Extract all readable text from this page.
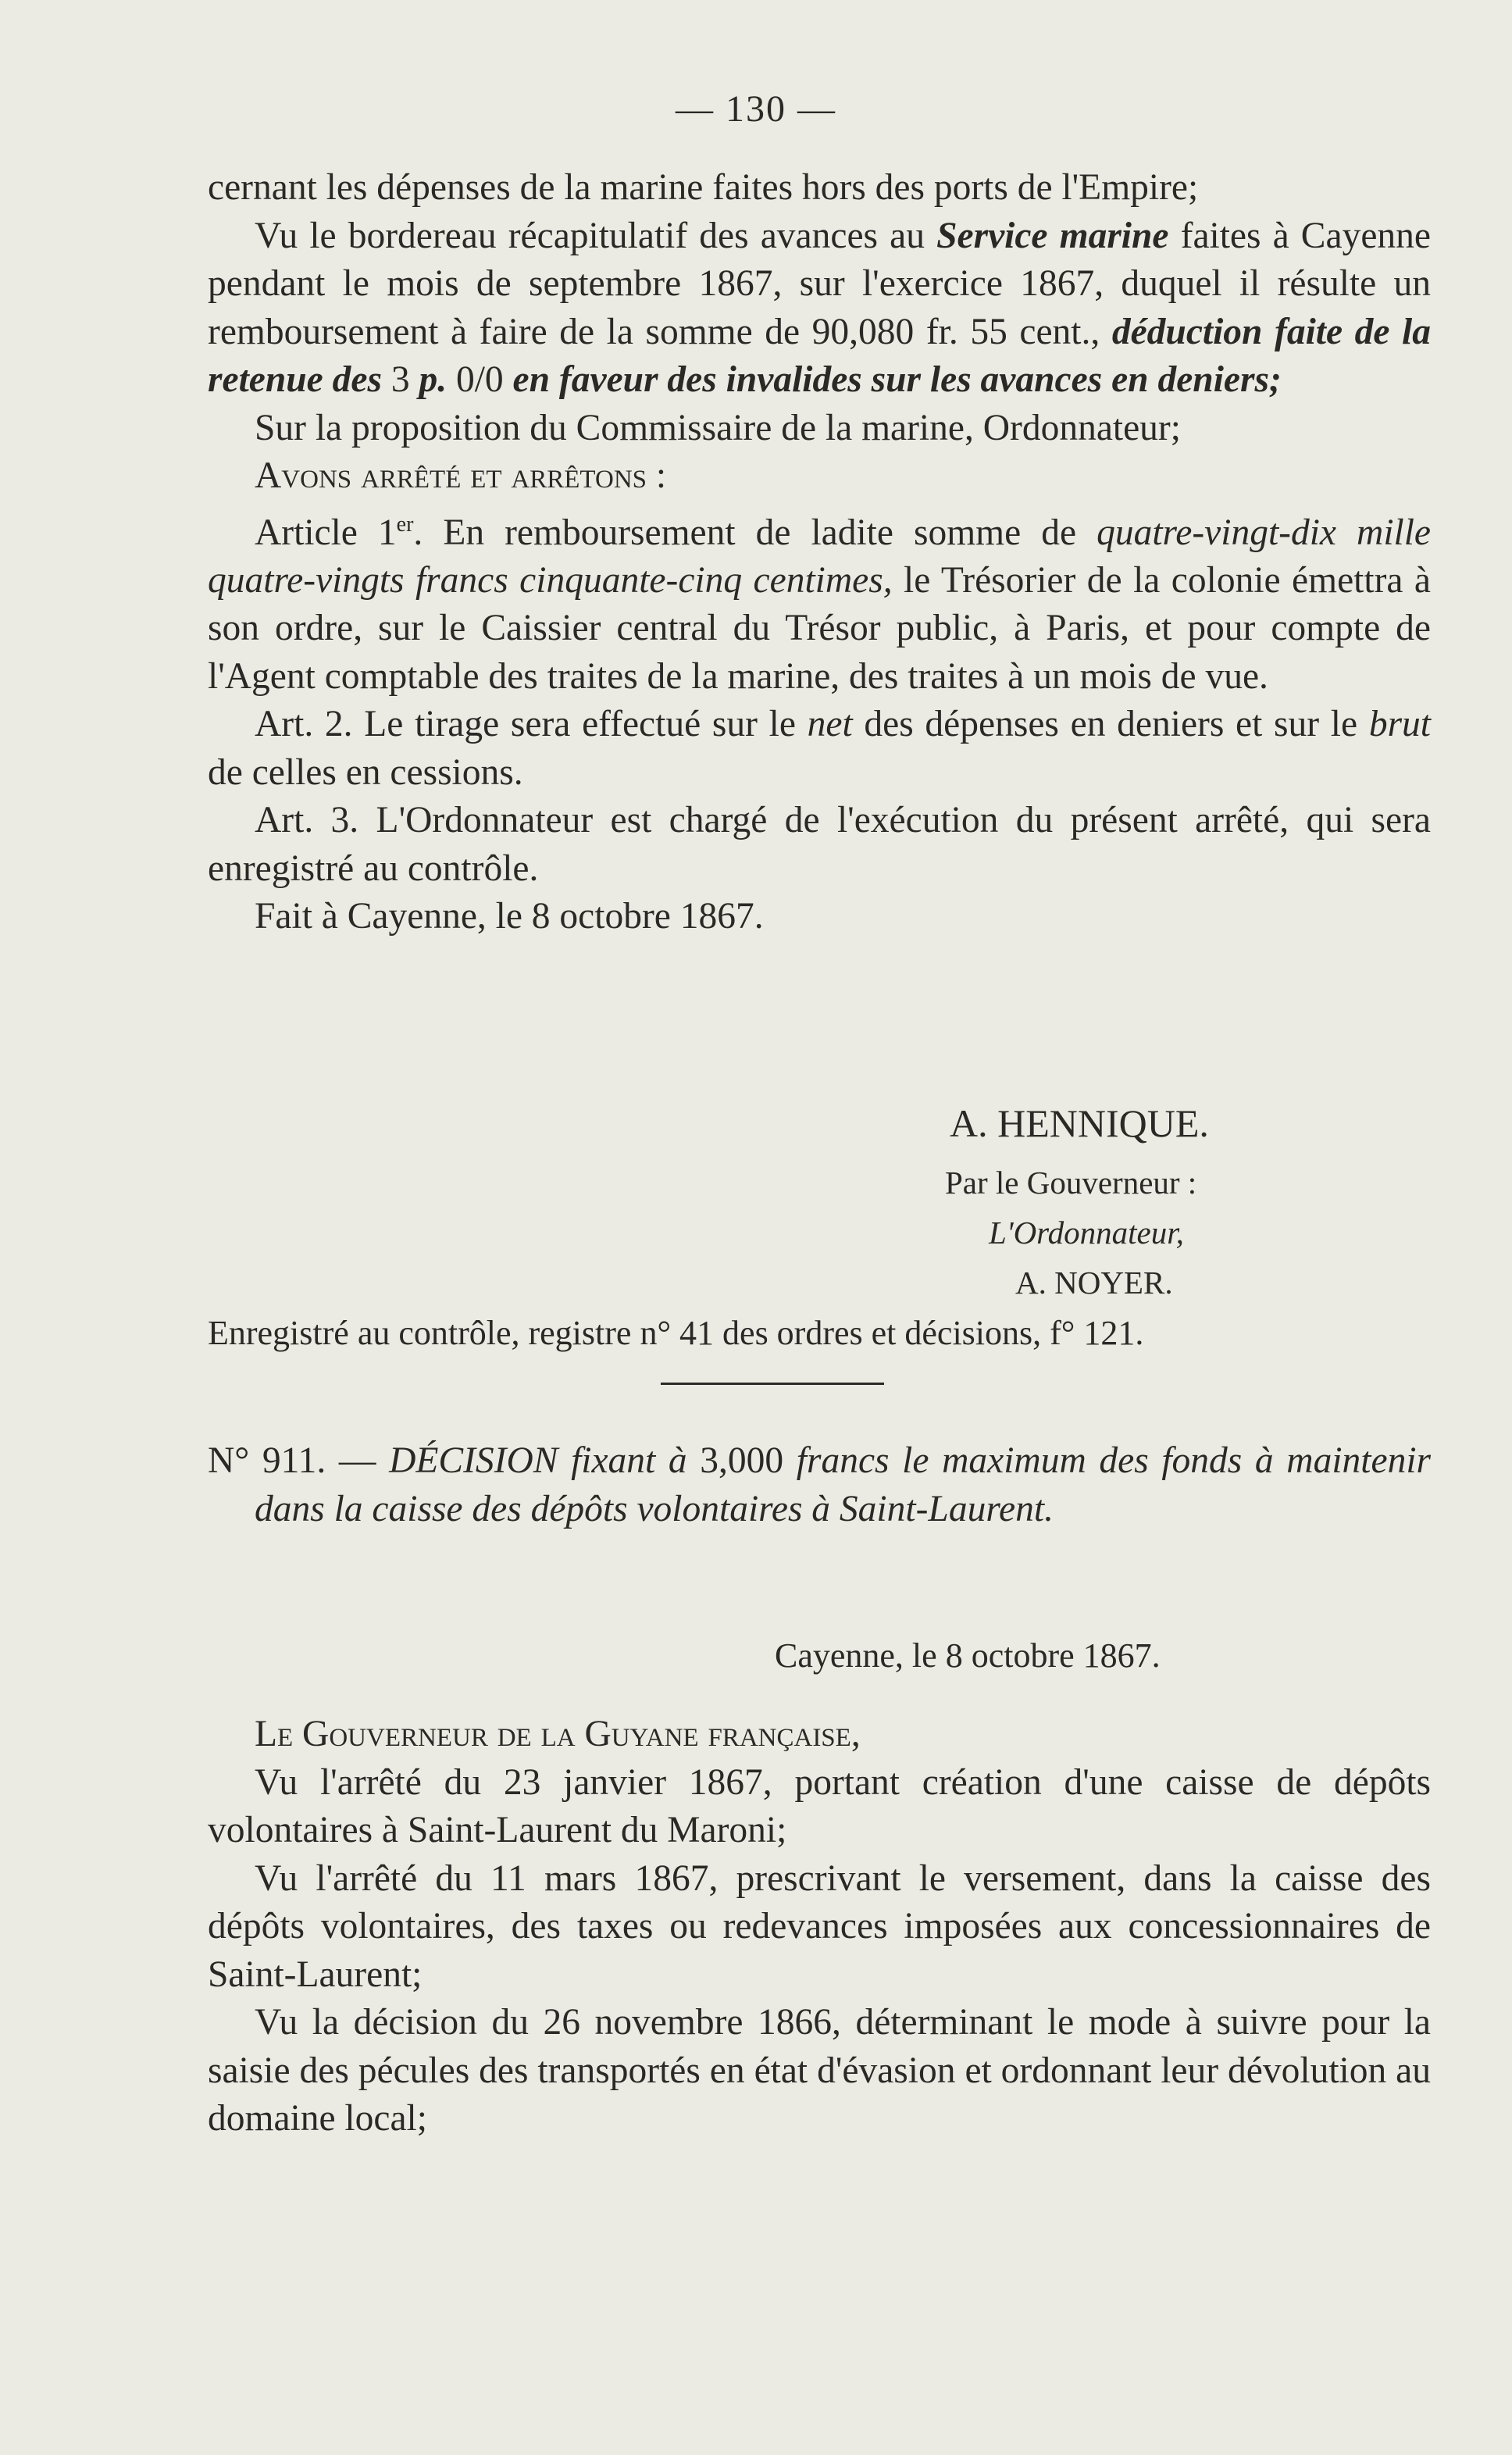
— 130 —

cernant les dépenses de la marine faites hors des ports de l'Empire;

Vu le bordereau récapitulatif des avances au Service marine faites à Cayenne pendant le mois de septembre 1867, sur l'exercice 1867, duquel il résulte un remboursement à faire de la somme de 90,080 fr. 55 cent., déduction faite de la retenue des 3 p. 0/0 en faveur des invalides sur les avances en deniers;

Sur la proposition du Commissaire de la marine, Ordonnateur;

Avons arrêté et arrêtons :

Article 1er. En remboursement de ladite somme de quatre-vingt-dix mille quatre-vingts francs cinquante-cinq centimes, le Trésorier de la colonie émettra à son ordre, sur le Caissier central du Trésor public, à Paris, et pour compte de l'Agent comptable des traites de la marine, des traites à un mois de vue.

Art. 2. Le tirage sera effectué sur le net des dépenses en deniers et sur le brut de celles en cessions.

Art. 3. L'Ordonnateur est chargé de l'exécution du présent arrêté, qui sera enregistré au contrôle.

Fait à Cayenne, le 8 octobre 1867.

A. HENNIQUE.
Par le Gouverneur :
L'Ordonnateur,
A. NOYER.

Enregistré au contrôle, registre n° 41 des ordres et décisions, f° 121.

N° 911. — DÉCISION fixant à 3,000 francs le maximum des fonds à maintenir dans la caisse des dépôts volontaires à Saint-Laurent.

Cayenne, le 8 octobre 1867.

Le Gouverneur de la Guyane française,

Vu l'arrêté du 23 janvier 1867, portant création d'une caisse de dépôts volontaires à Saint-Laurent du Maroni;

Vu l'arrêté du 11 mars 1867, prescrivant le versement, dans la caisse des dépôts volontaires, des taxes ou redevances imposées aux concessionnaires de Saint-Laurent;

Vu la décision du 26 novembre 1866, déterminant le mode à suivre pour la saisie des pécules des transportés en état d'évasion et ordonnant leur dévolution au domaine local;
